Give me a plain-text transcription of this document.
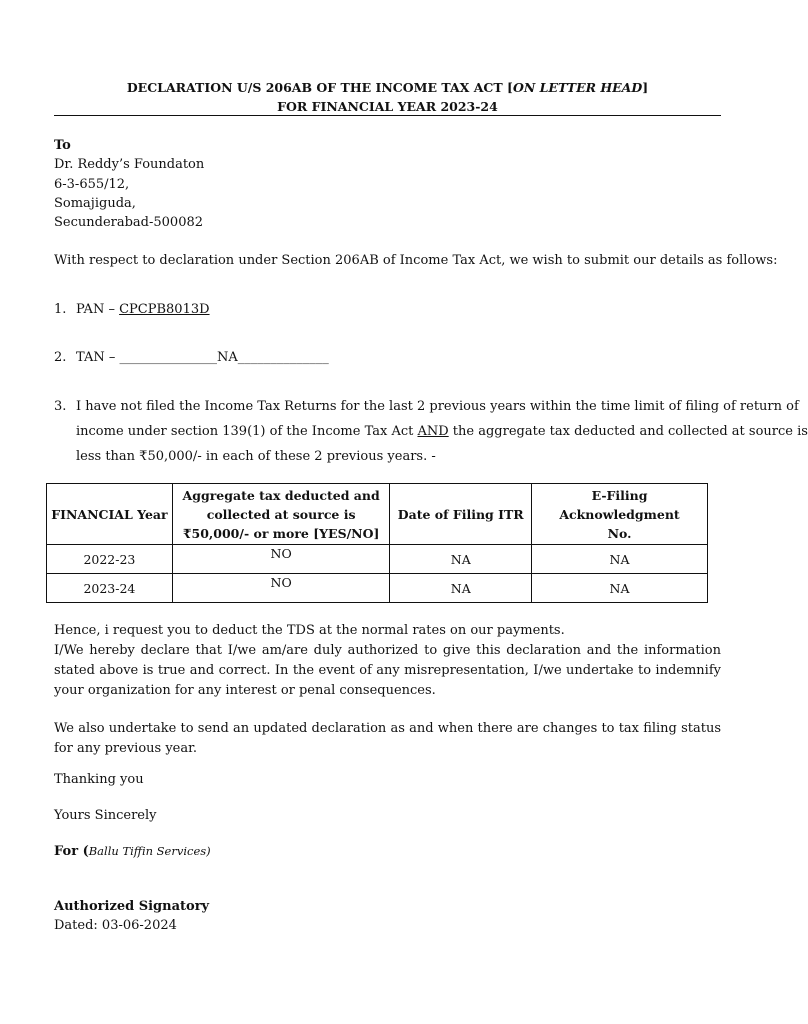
DECLARATION U/S 206AB OF THE INCOME TAX ACT [ON LETTER HEAD]
FOR FINANCIAL YEAR 2023-24
To
Dr. Reddy’s Foundaton
6-3-655/12,
Somajiguda,
Secunderabad-500082
With respect to declaration under Section 206AB of Income Tax Act, we wish to submit our details as follows:
1. PAN – CPCPB8013D
2. TAN – _______________NA______________
3. I have not filed the Income Tax Returns for the last 2 previous years within the time limit of filing of return of
income under section 139(1) of the Income Tax Act AND the aggregate tax deducted and collected at source is
less than ₹50,000/- in each of these 2 previous years. -
FINANCIAL Year	Aggregate tax deducted and collected at source is ₹50,000/- or more [YES/NO]	Date of Filing ITR	E-Filing Acknowledgment No.
2022-23	NO	NA	NA
2023-24	NO	NA	NA
Hence, i request you to deduct the TDS at the normal rates on our payments.
I/We hereby declare that I/we am/are duly authorized to give this declaration and the information stated above is true and correct. In the event of any misrepresentation, I/we undertake to indemnify your organization for any interest or penal consequences.
We also undertake to send an updated declaration as and when there are changes to tax filing status for any previous year.
Thanking you
Yours Sincerely
For (Ballu Tiffin Services)
Authorized Signatory
Dated: 03-06-2024
